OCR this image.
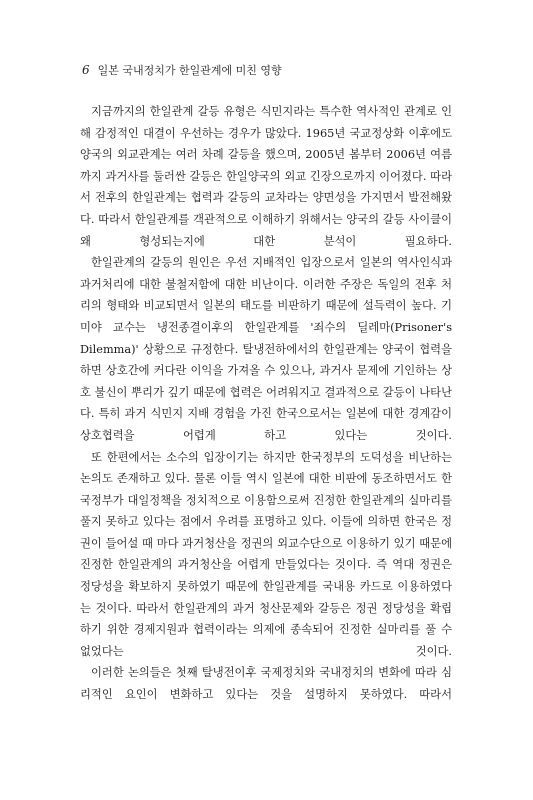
6 일본 국내정치가 한일관계에 미친 영향

지금까지의 한일관계 갈등 유형은 식민지라는 특수한 역사적인 관계로 인해 감정적인 대결이 우선하는 경우가 많았다. 1965년 국교정상화 이후에도 양국의 외교관계는 여러 차례 갈등을 했으며, 2005년 봄부터 2006년 여름까지 과거사를 둘러싼 갈등은 한일양국의 외교 긴장으로까지 이어졌다. 따라서 전후의 한일관계는 협력과 갈등의 교차라는 양면성을 가지면서 발전해왔다. 따라서 한일관계를 객관적으로 이해하기 위해서는 양국의 갈등 사이클이 왜 형성되는지에 대한 분석이 필요하다.

한일관계의 갈등의 원인은 우선 지배적인 입장으로서 일본의 역사인식과 과거처리에 대한 불철저함에 대한 비난이다. 이러한 주장은 독일의 전후 처리의 형태와 비교되면서 일본의 태도를 비판하기 때문에 설득력이 높다. 기미야 교수는 냉전종결이후의 한일관계를 '죄수의 딜레마(Prisoner's Dilemma)' 상황으로 규정한다. 탈냉전하에서의 한일관계는 양국이 협력을 하면 상호간에 커다란 이익을 가져올 수 있으나, 과거사 문제에 기인하는 상호 불신이 뿌리가 깊기 때문에 협력은 어려워지고 결과적으로 갈등이 나타난다. 특히 과거 식민지 지배 경험을 가진 한국으로서는 일본에 대한 경계감이 상호협력을 어렵게 하고 있다는 것이다.

또 한편에서는 소수의 입장이기는 하지만 한국정부의 도덕성을 비난하는 논의도 존재하고 있다. 물론 이들 역시 일본에 대한 비판에 동조하면서도 한국정부가 대일정책을 정치적으로 이용함으로써 진정한 한일관계의 실마리를 풀지 못하고 있다는 점에서 우려를 표명하고 있다. 이들에 의하면 한국은 정권이 들어설 때 마다 과거청산을 정권의 외교수단으로 이용하기 있기 때문에 진정한 한일관계의 과거청산을 어렵게 만들었다는 것이다. 즉 역대 정권은 정당성을 확보하지 못하였기 때문에 한일관계를 국내용 카드로 이용하였다는 것이다. 따라서 한일관계의 과거 청산문제와 갈등은 정권 정당성을 확립하기 위한 경제지원과 협력이라는 의제에 종속되어 진정한 실마리를 풀 수 없었다는 것이다.

이러한 논의들은 첫째 탈냉전이후 국제정치와 국내정치의 변화에 따라 심리적인 요인이 변화하고 있다는 것을 설명하지 못하였다. 따라서
